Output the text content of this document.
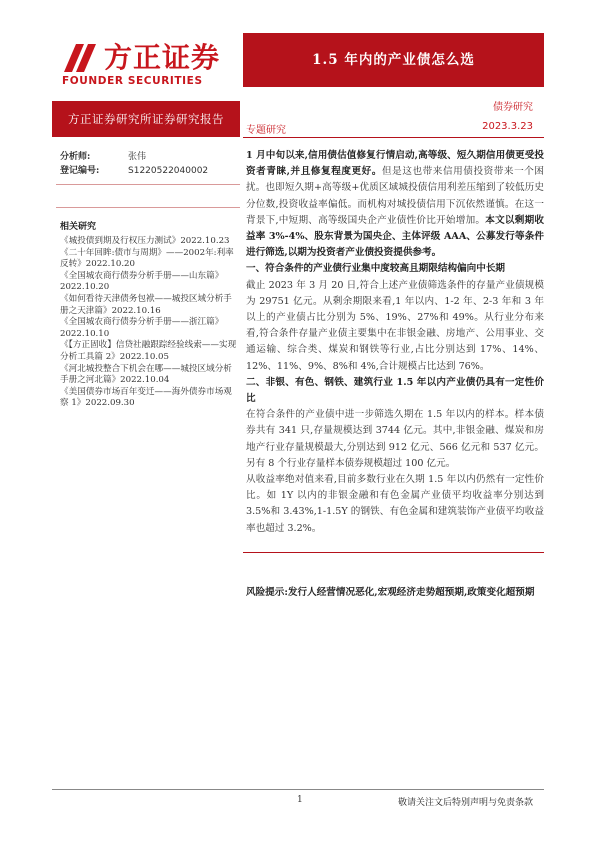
方正证券
FOUNDER SECURITIES
1.5 年内的产业债怎么选
方正证券研究所证券研究报告
债券研究
专题研究	2023.3.23
分析师:	张伟
登记编号:	S1220522040002
相关研究
《城投债到期及行权压力测试》2022.10.23
《二十年回眸:债市与周期》——2002年:利率反转》2022.10.20
《全国城农商行债券分析手册——山东篇》2022.10.20
《如何看待天津债务包袱——城投区域分析手册之天津篇》2022.10.16
《全国城农商行债券分析手册——浙江篇》2022.10.10
《【方正固收】信贷社融跟踪经验线索——实现分析工具篇 2》2022.10.05
《河北城投整合下机会在哪——城投区域分析手册之河北篇》2022.10.04
《美国债券市场百年变迁——海外债券市场观察 1》2022.09.30

1 月中旬以来,信用债估值修复行情启动,高等级、短久期信用债更受投资者青睐,并且修复程度更好。但是这也带来信用债投资带来一个困扰。也即短久期+高等级+优质区域城投债信用利差压缩到了较低历史分位数,投资收益率偏低。而机构对城投债信用下沉依然谨慎。在这一背景下,中短期、高等级国央企产业债性价比开始增加。本文以剩期收益率 3%-4%、股东背景为国央企、主体评级 AAA、公募发行等条件进行筛选,以期为投资者产业债投资提供参考。

一、符合条件的产业债行业集中度较高且期限结构偏向中长期

截止 2023 年 3 月 20 日,符合上述产业债筛选条件的存量产业债规模为 29751 亿元。从剩余期限来看,1 年以内、1-2 年、2-3 年和 3 年以上的产业债占比分别为 5%、19%、27%和 49%。从行业分布来看,符合条件存量产业债主要集中在非银金融、房地产、公用事业、交通运输、综合类、煤炭和钢铁等行业,占比分别达到 17%、14%、12%、11%、9%、8%和 4%,合计规模占比达到 76%。

二、非银、有色、钢铁、建筑行业 1.5 年以内产业债仍具有一定性价比

在符合条件的产业债中进一步筛选久期在 1.5 年以内的样本。样本债券共有 341 只,存量规模达到 3744 亿元。其中,非银金融、煤炭和房地产行业存量规模最大,分别达到 912 亿元、566 亿元和 537 亿元。另有 8 个行业存量样本债券规模超过 100 亿元。

从收益率绝对值来看,目前多数行业在久期 1.5 年以内仍然有一定性价比。如 1Y 以内的非银金融和有色金属产业债平均收益率分别达到 3.5%和 3.43%,1-1.5Y 的钢铁、有色金属和建筑装饰产业债平均收益率也超过 3.2%。

风险提示:发行人经营情况恶化,宏观经济走势超预期,政策变化超预期
1	敬请关注文后特别声明与免责条款
